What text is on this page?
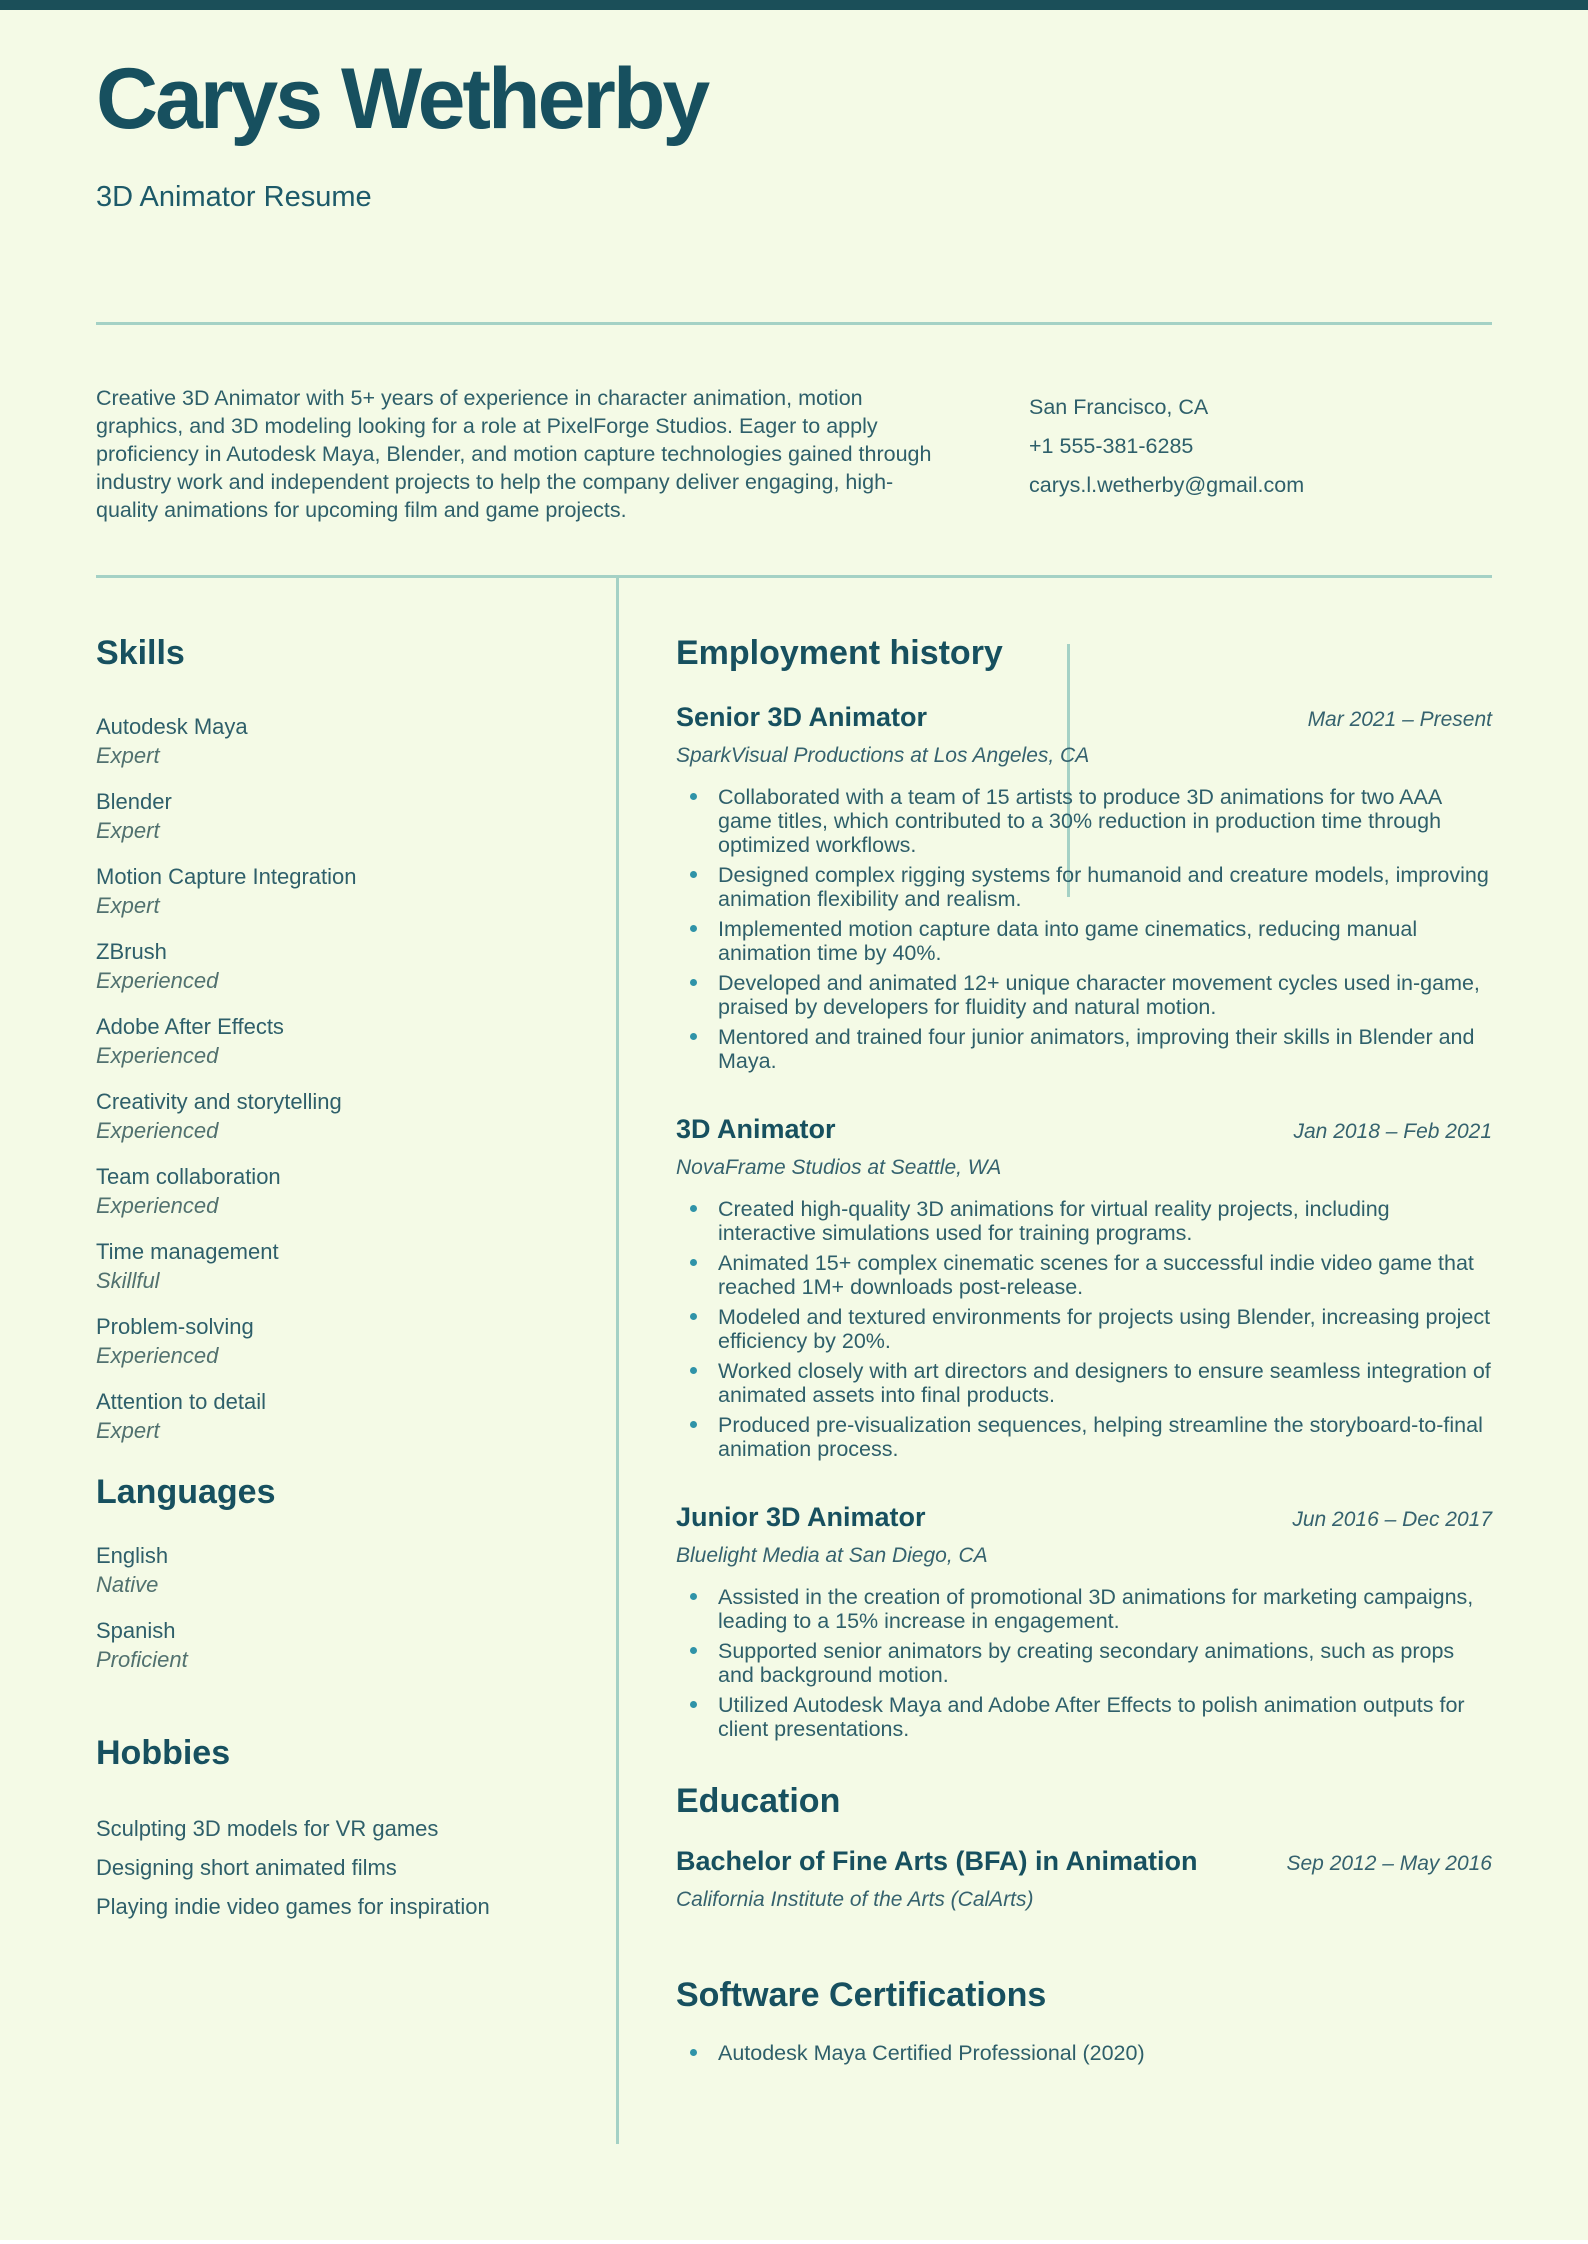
Carys Wetherby
3D Animator Resume
Creative 3D Animator with 5+ years of experience in character animation, motion graphics, and 3D modeling looking for a role at PixelForge Studios. Eager to apply proficiency in Autodesk Maya, Blender, and motion capture technologies gained through industry work and independent projects to help the company deliver engaging, high-quality animations for upcoming film and game projects.
San Francisco, CA
+1 555-381-6285
carys.l.wetherby@gmail.com
Skills
Autodesk Maya
Expert
Blender
Expert
Motion Capture Integration
Expert
ZBrush
Experienced
Adobe After Effects
Experienced
Creativity and storytelling
Experienced
Team collaboration
Experienced
Time management
Skillful
Problem-solving
Experienced
Attention to detail
Expert
Languages
English
Native
Spanish
Proficient
Hobbies
Sculpting 3D models for VR games
Designing short animated films
Playing indie video games for inspiration
Employment history
Senior 3D Animator	Mar 2021 – Present
SparkVisual Productions at Los Angeles, CA
Collaborated with a team of 15 artists to produce 3D animations for two AAA game titles, which contributed to a 30% reduction in production time through optimized workflows.
Designed complex rigging systems for humanoid and creature models, improving animation flexibility and realism.
Implemented motion capture data into game cinematics, reducing manual animation time by 40%.
Developed and animated 12+ unique character movement cycles used in-game, praised by developers for fluidity and natural motion.
Mentored and trained four junior animators, improving their skills in Blender and Maya.
3D Animator	Jan 2018 – Feb 2021
NovaFrame Studios at Seattle, WA
Created high-quality 3D animations for virtual reality projects, including interactive simulations used for training programs.
Animated 15+ complex cinematic scenes for a successful indie video game that reached 1M+ downloads post-release.
Modeled and textured environments for projects using Blender, increasing project efficiency by 20%.
Worked closely with art directors and designers to ensure seamless integration of animated assets into final products.
Produced pre-visualization sequences, helping streamline the storyboard-to-final animation process.
Junior 3D Animator	Jun 2016 – Dec 2017
Bluelight Media at San Diego, CA
Assisted in the creation of promotional 3D animations for marketing campaigns, leading to a 15% increase in engagement.
Supported senior animators by creating secondary animations, such as props and background motion.
Utilized Autodesk Maya and Adobe After Effects to polish animation outputs for client presentations.
Education
Bachelor of Fine Arts (BFA) in Animation	Sep 2012 – May 2016
California Institute of the Arts (CalArts)
Software Certifications
Autodesk Maya Certified Professional (2020)
